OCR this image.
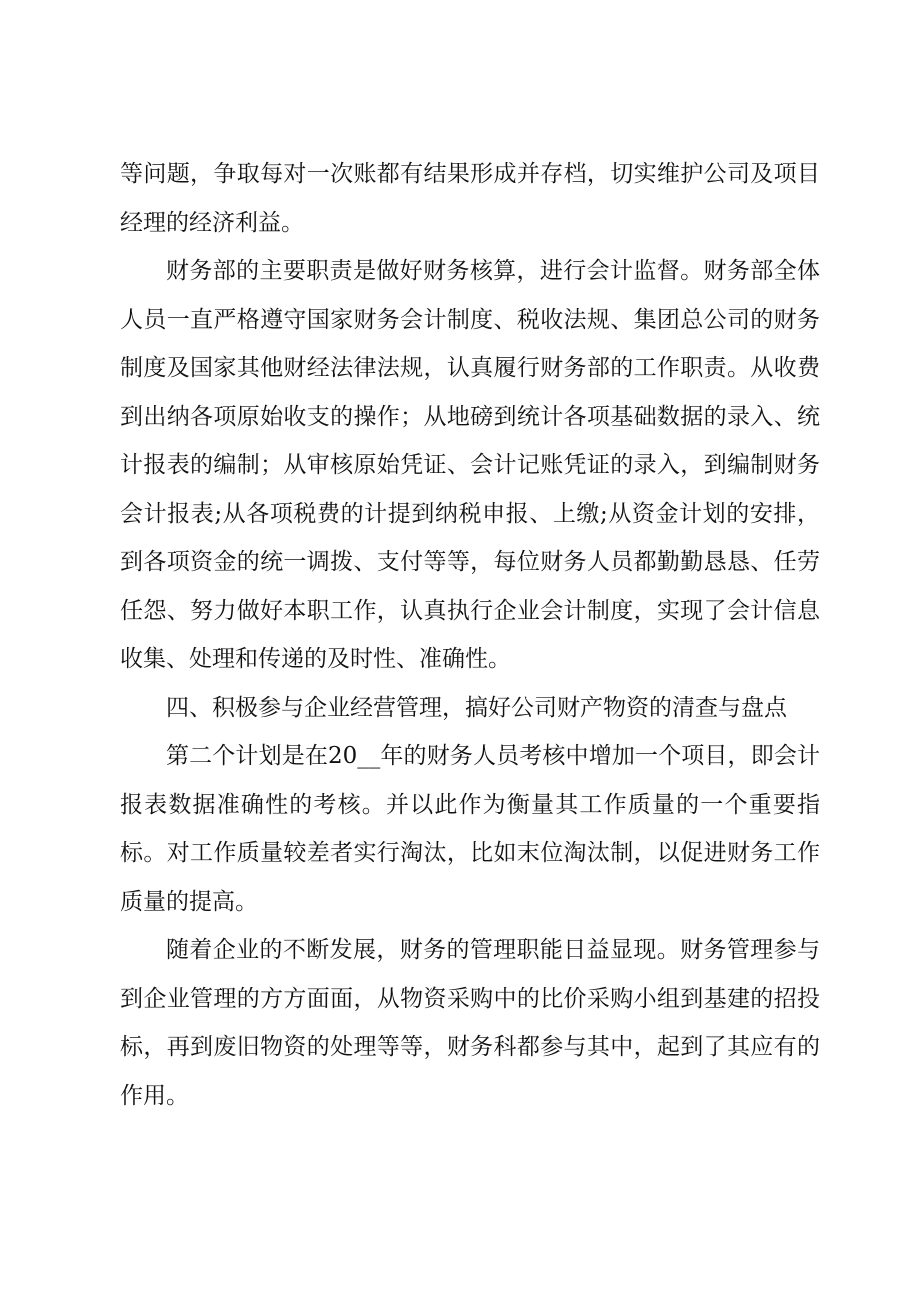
等问题，争取每对一次账都有结果形成并存档，切实维护公司及项目经理的经济利益。

财务部的主要职责是做好财务核算，进行会计监督。财务部全体人员一直严格遵守国家财务会计制度、税收法规、集团总公司的财务制度及国家其他财经法律法规，认真履行财务部的工作职责。从收费到出纳各项原始收支的操作；从地磅到统计各项基础数据的录入、统计报表的编制；从审核原始凭证、会计记账凭证的录入，到编制财务会计报表;从各项税费的计提到纳税申报、上缴;从资金计划的安排，到各项资金的统一调拨、支付等等，每位财务人员都勤勤恳恳、任劳任怨、努力做好本职工作，认真执行企业会计制度，实现了会计信息收集、处理和传递的及时性、准确性。

四、积极参与企业经营管理，搞好公司财产物资的清查与盘点

第二个计划是在20__年的财务人员考核中增加一个项目，即会计报表数据准确性的考核。并以此作为衡量其工作质量的一个重要指标。对工作质量较差者实行淘汰，比如末位淘汰制，以促进财务工作质量的提高。

随着企业的不断发展，财务的管理职能日益显现。财务管理参与到企业管理的方方面面，从物资采购中的比价采购小组到基建的招投标，再到废旧物资的处理等等，财务科都参与其中，起到了其应有的作用。
